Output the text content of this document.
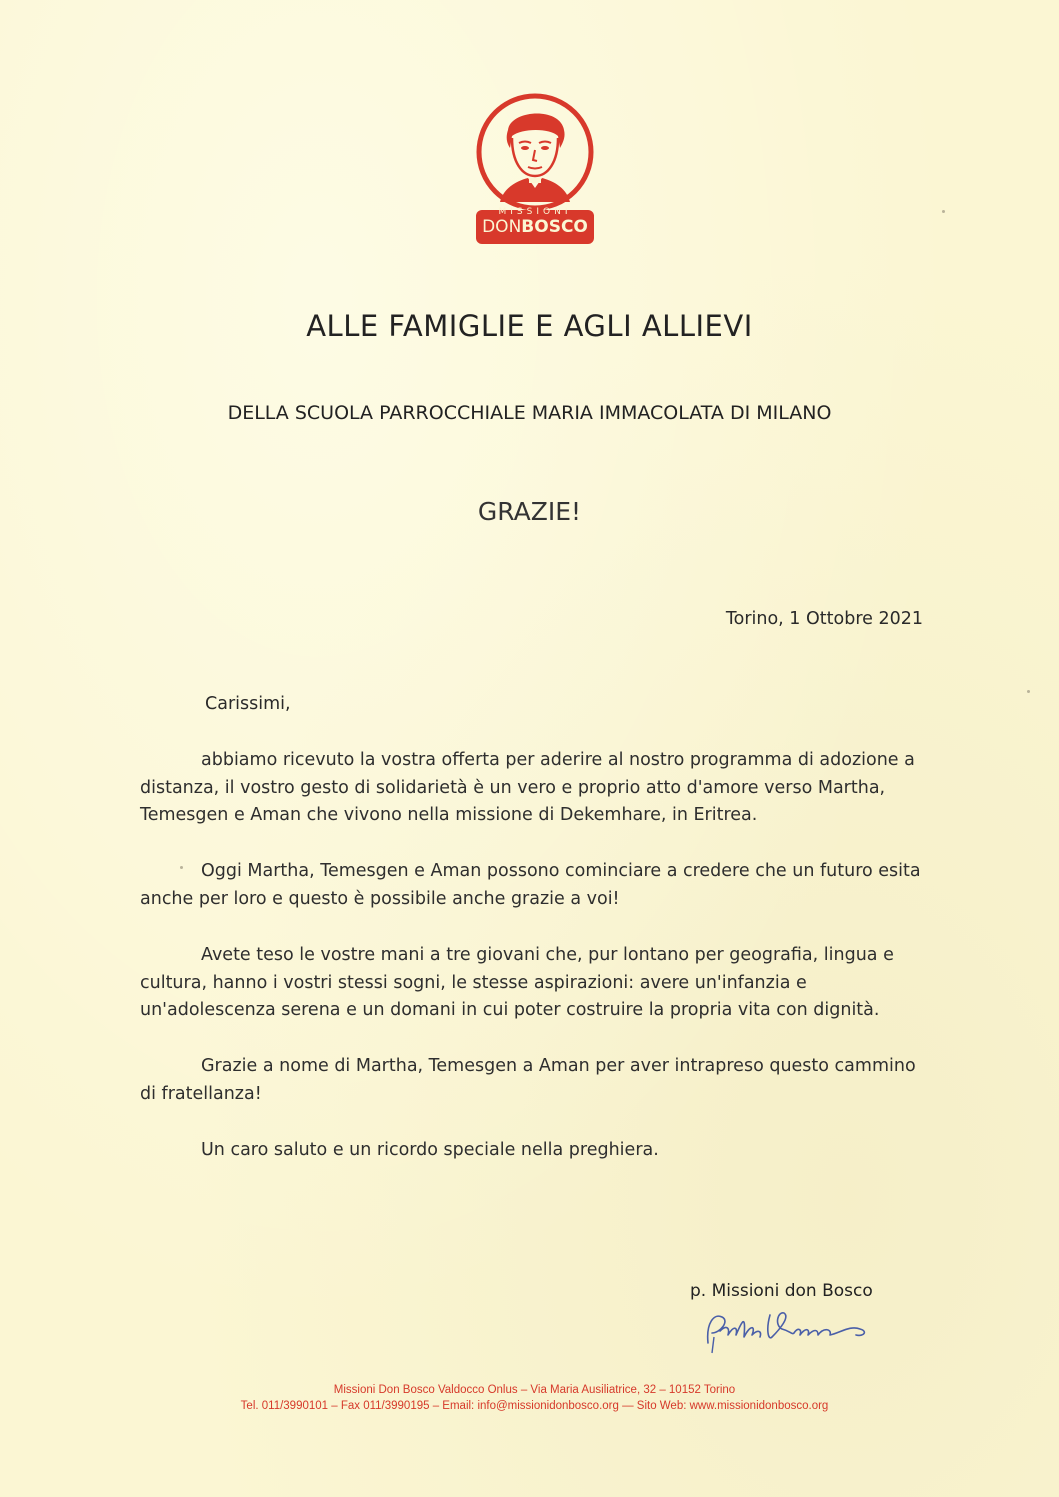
MISSIONI
DONBOSCO
ALLE FAMIGLIE E AGLI ALLIEVI
DELLA SCUOLA PARROCCHIALE MARIA IMMACOLATA DI MILANO
GRAZIE!
Torino, 1 Ottobre 2021
Carissimi,
abbiamo ricevuto la vostra offerta per aderire al nostro programma di adozione a distanza, il vostro gesto di solidarietà è un vero e proprio atto d'amore verso Martha, Temesgen e Aman che vivono nella missione di Dekemhare, in Eritrea.
Oggi Martha, Temesgen e Aman possono cominciare a credere che un futuro esita anche per loro e questo è possibile anche grazie a voi!
Avete teso le vostre mani a tre giovani che, pur lontano per geografia, lingua e cultura, hanno i vostri stessi sogni, le stesse aspirazioni: avere un'infanzia e un'adolescenza serena e un domani in cui poter costruire la propria vita con dignità.
Grazie a nome di Martha, Temesgen a Aman per aver intrapreso questo cammino di fratellanza!
Un caro saluto e un ricordo speciale nella preghiera.
p. Missioni don Bosco
Missioni Don Bosco Valdocco Onlus – Via Maria Ausiliatrice, 32 – 10152 Torino
Tel. 011/3990101 – Fax 011/3990195 – Email: info@missionidonbosco.org — Sito Web: www.missionidonbosco.org
